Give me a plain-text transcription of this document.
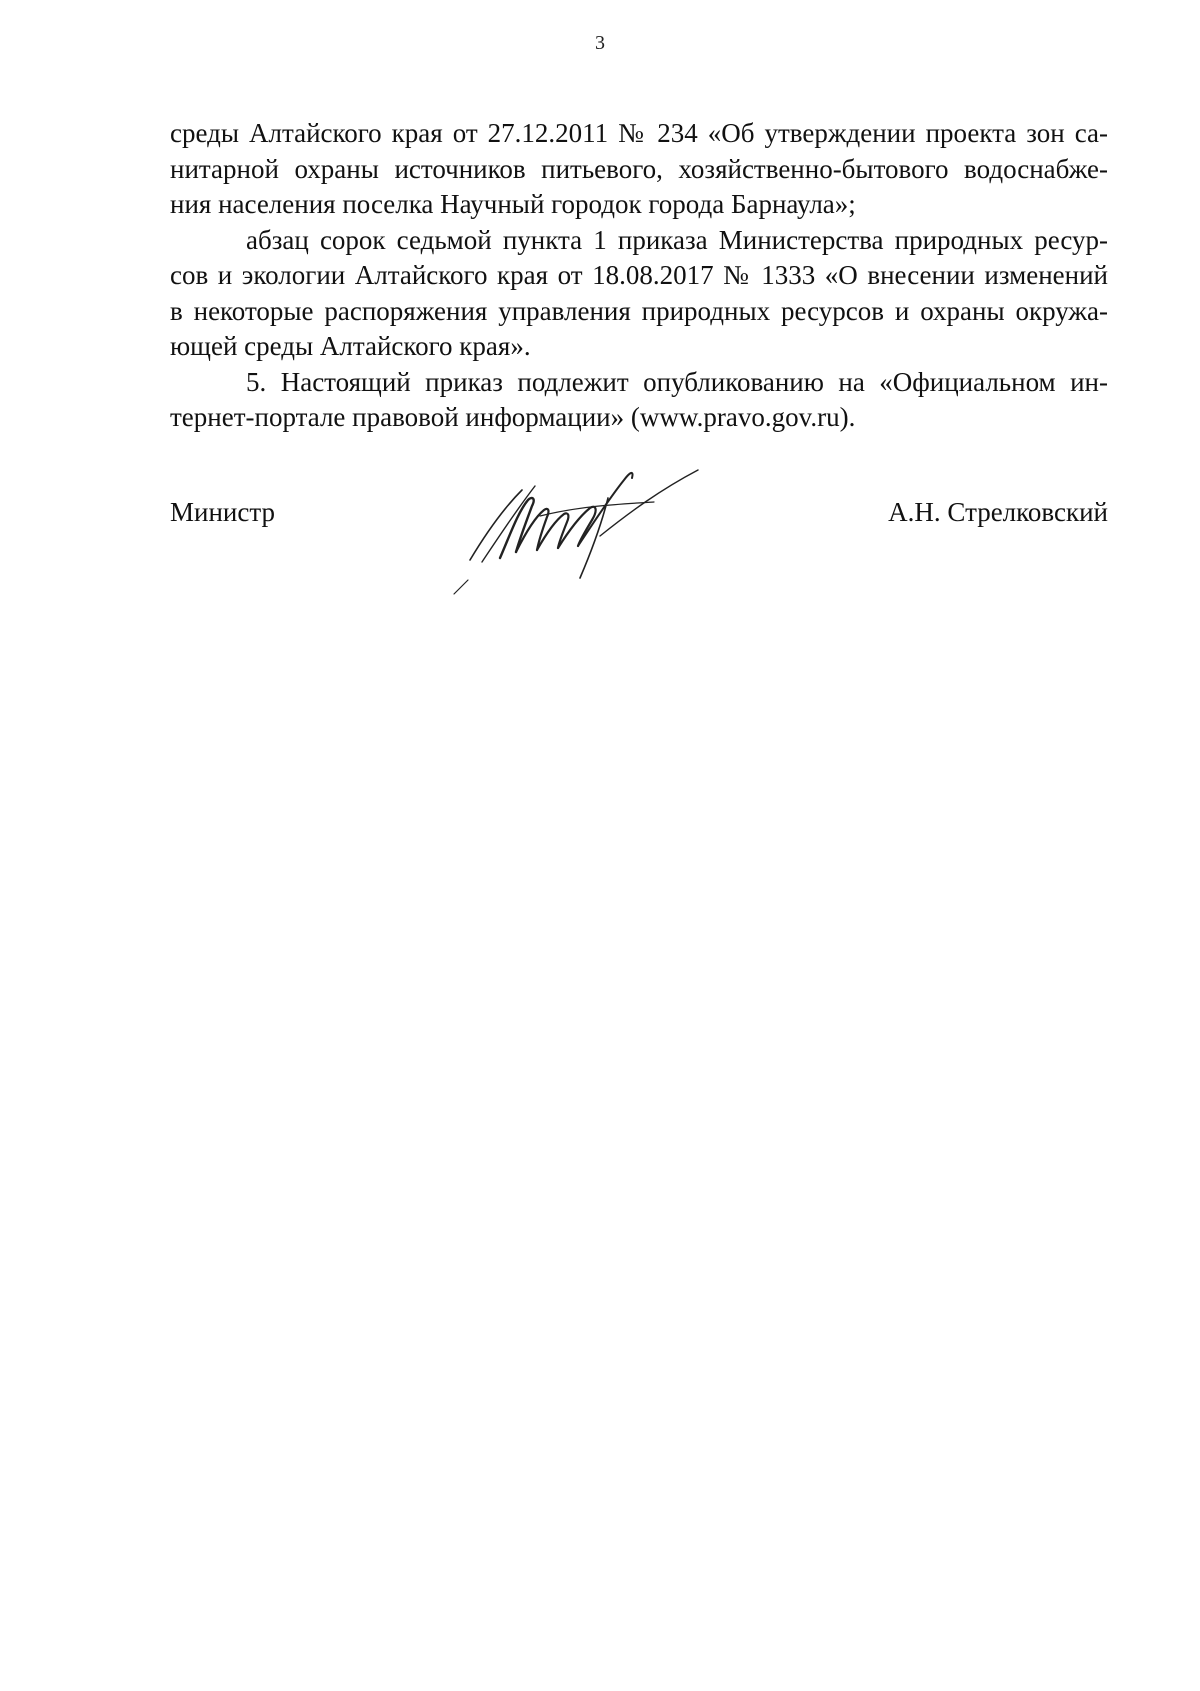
3
среды Алтайского края от 27.12.2011 № 234 «Об утверждении проекта зон са-
нитарной охраны источников питьевого, хозяйственно-бытового водоснабже-
ния населения поселка Научный городок города Барнаула»;
абзац сорок седьмой пункта 1 приказа Министерства природных ресур-
сов и экологии Алтайского края от 18.08.2017 № 1333 «О внесении изменений
в некоторые распоряжения управления природных ресурсов и охраны окружа-
ющей среды Алтайского края».
5. Настоящий приказ подлежит опубликованию на «Официальном ин-
тернет-портале правовой информации» (www.pravo.gov.ru).
Министр	А.Н. Стрелковский
